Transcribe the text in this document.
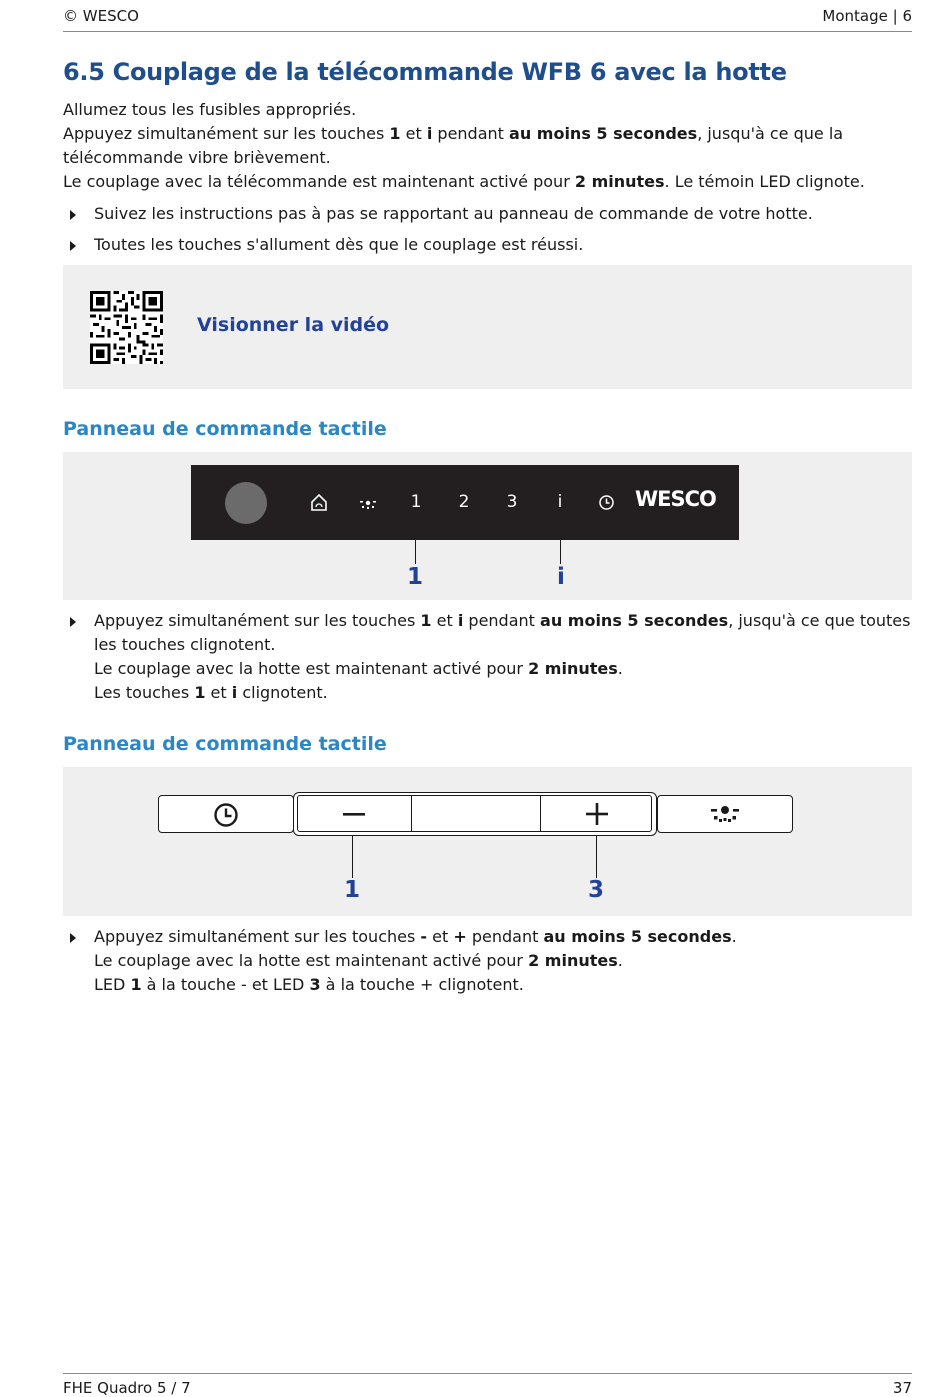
© WESCO	Montage | 6
6.5 Couplage de la télécommande WFB 6 avec la hotte
Allumez tous les fusibles appropriés.
Appuyez simultanément sur les touches 1 et i pendant au moins 5 secondes, jusqu'à ce que la télécommande vibre brièvement.
Le couplage avec la télécommande est maintenant activé pour 2 minutes. Le témoin LED clignote.
Suivez les instructions pas à pas se rapportant au panneau de commande de votre hotte.
Toutes les touches s'allument dès que le couplage est réussi.
Visionner la vidéo
Panneau de commande tactile
1	2	3	i	WESCO
1	i
Appuyez simultanément sur les touches 1 et i pendant au moins 5 secondes, jusqu'à ce que toutes les touches clignotent.
Le couplage avec la hotte est maintenant activé pour 2 minutes.
Les touches 1 et i clignotent.
Panneau de commande tactile
1	3
Appuyez simultanément sur les touches - et + pendant au moins 5 secondes.
Le couplage avec la hotte est maintenant activé pour 2 minutes.
LED 1 à la touche - et LED 3 à la touche + clignotent.
FHE Quadro 5 / 7	37
